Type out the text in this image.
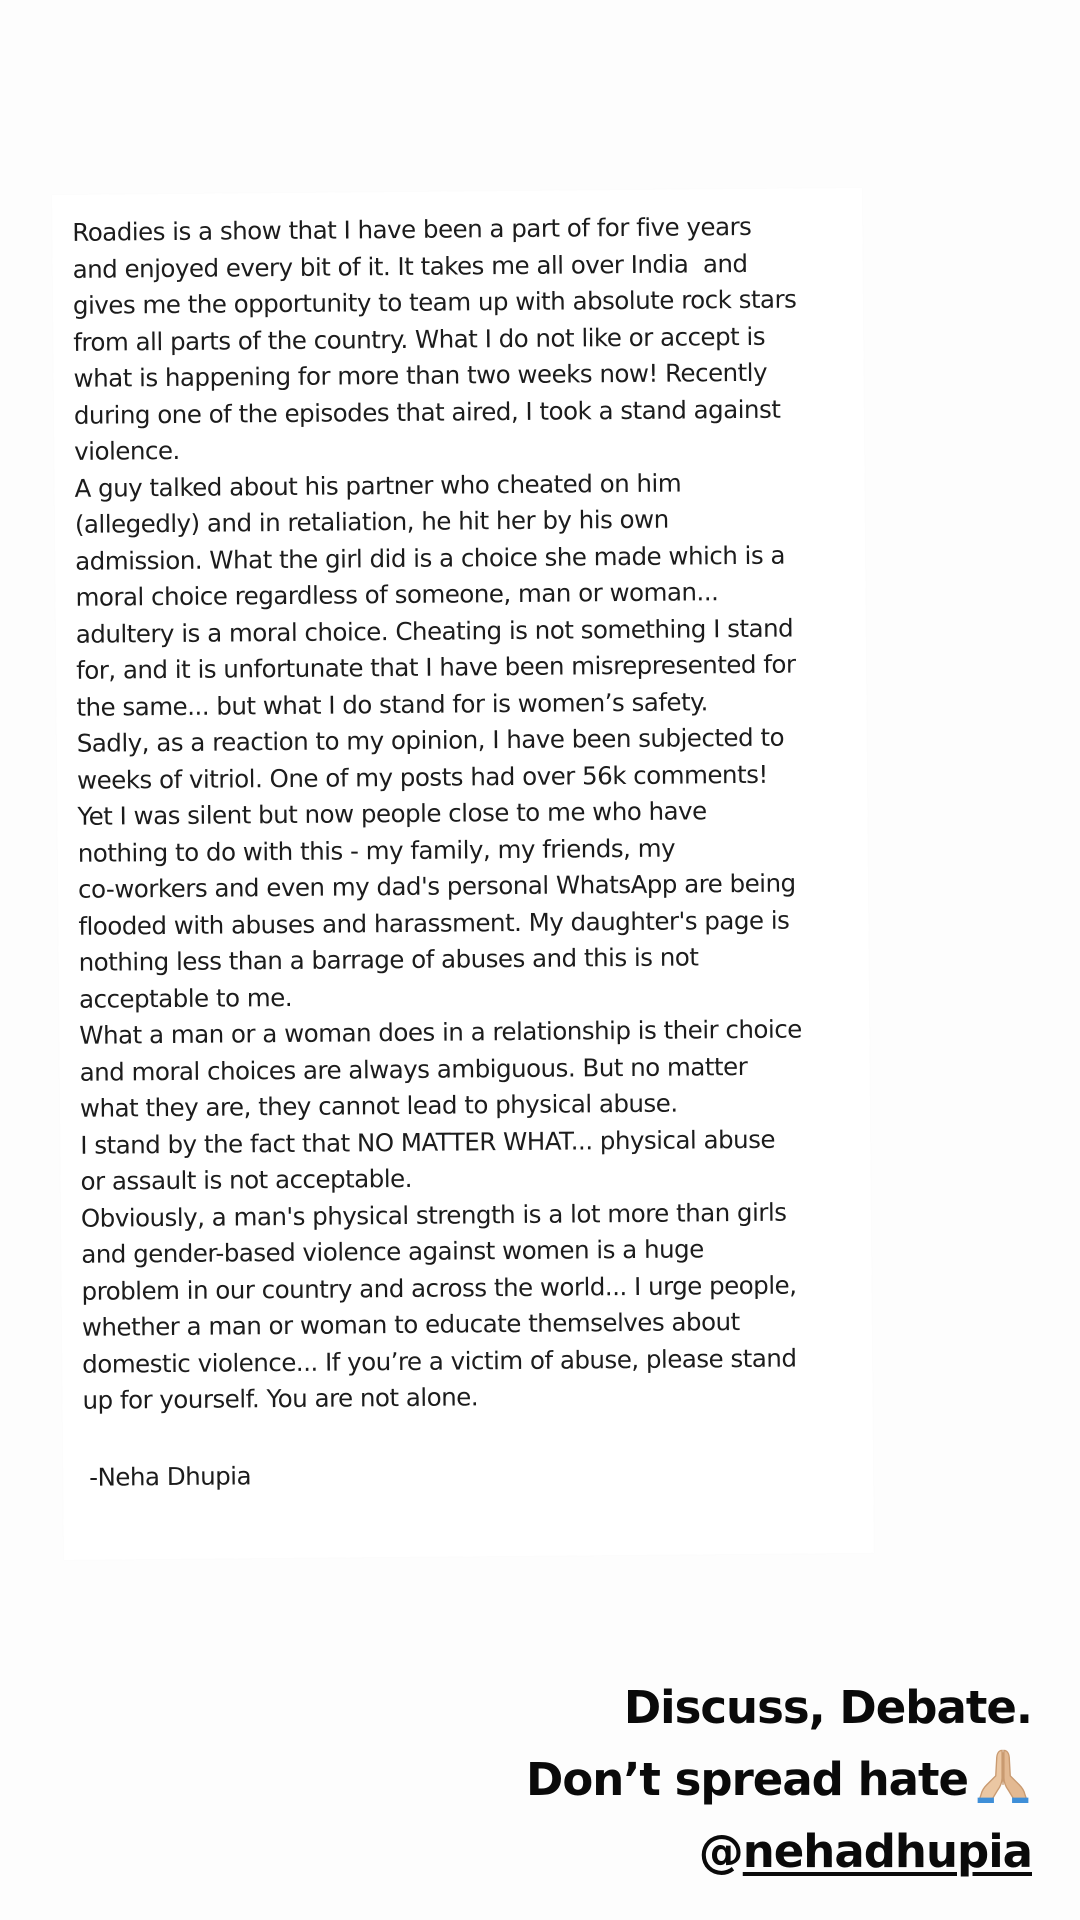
Roadies is a show that I have been a part of for five years
and enjoyed every bit of it. It takes me all over India  and
gives me the opportunity to team up with absolute rock stars
from all parts of the country. What I do not like or accept is
what is happening for more than two weeks now! Recently
during one of the episodes that aired, I took a stand against
violence.
A guy talked about his partner who cheated on him
(allegedly) and in retaliation, he hit her by his own
admission. What the girl did is a choice she made which is a
moral choice regardless of someone, man or woman...
adultery is a moral choice. Cheating is not something I stand
for, and it is unfortunate that I have been misrepresented for
the same... but what I do stand for is women’s safety.
Sadly, as a reaction to my opinion, I have been subjected to
weeks of vitriol. One of my posts had over 56k comments!
Yet I was silent but now people close to me who have
nothing to do with this - my family, my friends, my
co-workers and even my dad's personal WhatsApp are being
flooded with abuses and harassment. My daughter's page is
nothing less than a barrage of abuses and this is not
acceptable to me.
What a man or a woman does in a relationship is their choice
and moral choices are always ambiguous. But no matter
what they are, they cannot lead to physical abuse.
I stand by the fact that NO MATTER WHAT... physical abuse
or assault is not acceptable.
Obviously, a man's physical strength is a lot more than girls
and gender-based violence against women is a huge
problem in our country and across the world... I urge people,
whether a man or woman to educate themselves about
domestic violence... If you’re a victim of abuse, please stand
up for yourself. You are not alone.

-Neha Dhupia

Discuss, Debate.
Don’t spread hate
@nehadhupia
